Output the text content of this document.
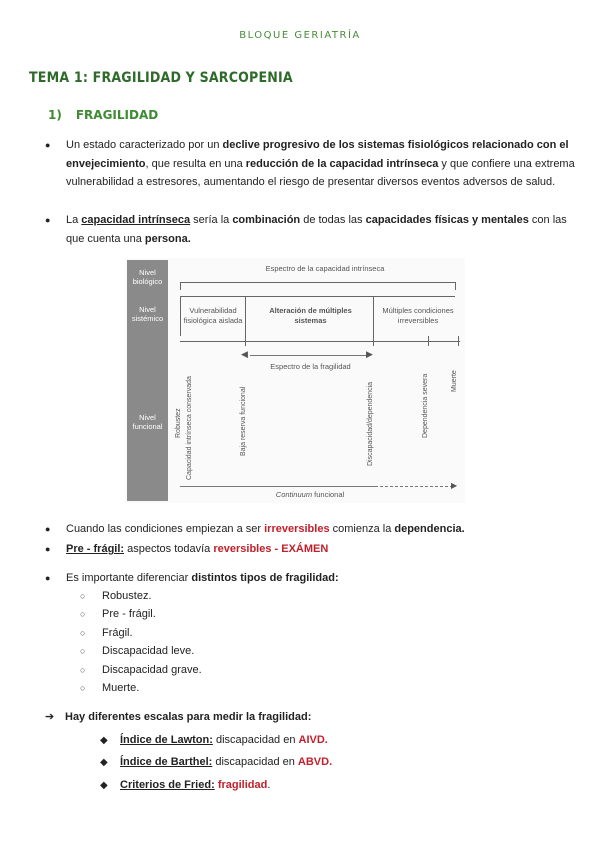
BLOQUE GERIATRÍA
TEMA 1: FRAGILIDAD Y SARCOPENIA
1) FRAGILIDAD
● Un estado caracterizado por un declive progresivo de los sistemas fisiológicos relacionado con el envejecimiento, que resulta en una reducción de la capacidad intrínseca y que confiere una extrema vulnerabilidad a estresores, aumentando el riesgo de presentar diversos eventos adversos de salud.
● La capacidad intrínseca sería la combinación de todas las capacidades físicas y mentales con las que cuenta una persona.
Nivel biológico
Nivel sistémico
Nivel funcional
Espectro de la capacidad intrínseca
Vulnerabilidad fisiológica aislada
Alteración de múltiples sistemas
Múltiples condiciones irreversibles
◀	▶
Espectro de la fragilidad
Robustez Capacidad intrínseca conservada	Baja reserva funcional	Discapacidad/dependencia	Dependencia severa	Muerte
▶
Continuum funcional
● Cuando las condiciones empiezan a ser irreversibles comienza la dependencia.
● Pre - frágil: aspectos todavía reversibles - EXÁMEN
● Es importante diferenciar distintos tipos de fragilidad:
○ Robustez.
○ Pre - frágil.
○ Frágil.
○ Discapacidad leve.
○ Discapacidad grave.
○ Muerte.
➔ Hay diferentes escalas para medir la fragilidad:
◆ Índice de Lawton: discapacidad en AIVD.
◆ Índice de Barthel: discapacidad en ABVD.
◆ Criterios de Fried: fragilidad.
